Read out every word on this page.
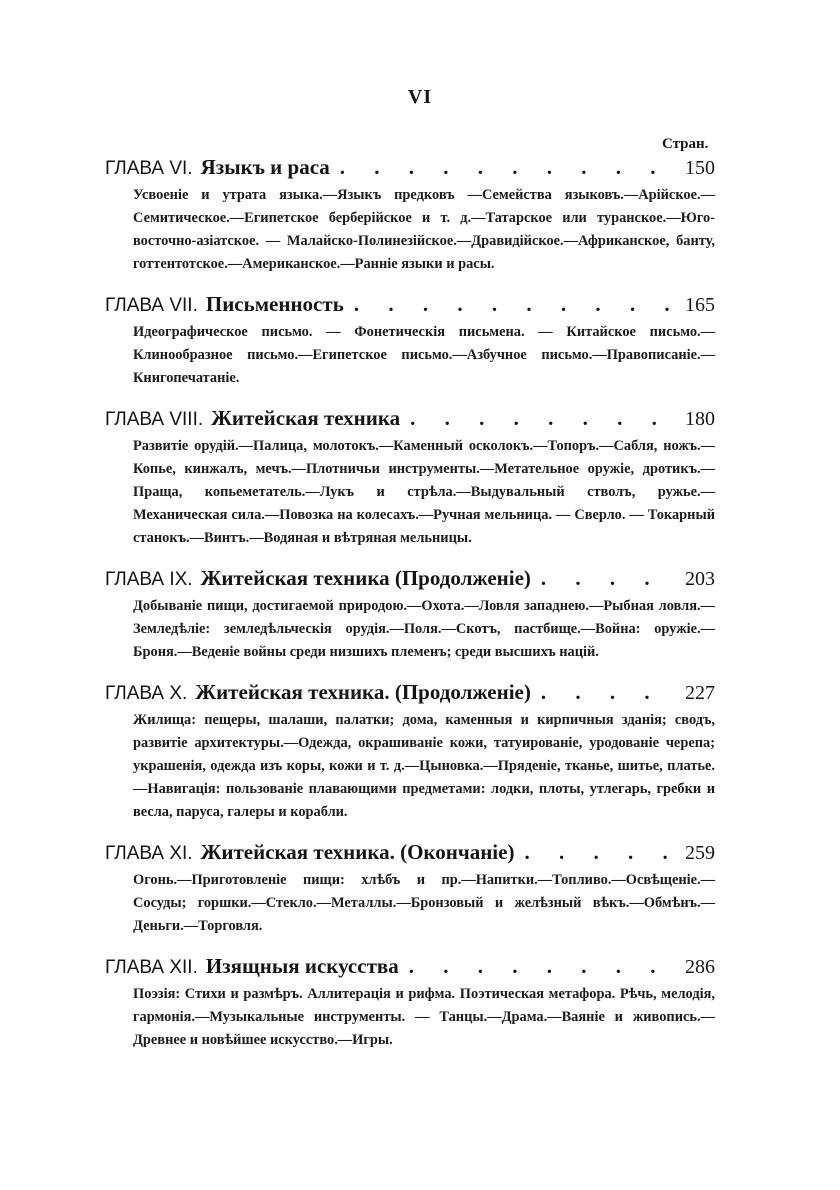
VI
Стран.
ГЛАВА VI. Языкъ и раса . . .	150
Усвоеніе и утрата языка.—Языкъ предковъ —Семейства языковъ.—Арійское.—Семитическое.—Египетское берберійское и т. д.—Татарское или туранское.—Юго-восточно-азіатское. — Малайско-Полинезійское.—Дравидійское.—Африканское, банту, готтентотское.—Американское.—Ранніе языки и расы.
ГЛАВА VII. Письменность . . .	165
Идеографическое письмо. — Фонетическія письмена. — Китайское письмо.—Клинообразное письмо.—Египетское письмо.—Азбучное письмо.—Правописаніе.—Книгопечатаніе.
ГЛАВА VIII. Житейская техника . . .	180
Развитіе орудій.—Палица, молотокъ.—Каменный осколокъ.—Топоръ.—Сабля, ножъ.—Копье, кинжалъ, мечъ.—Плотничьи инструменты.—Метательное оружіе, дротикъ.—Праща, копьеметатель.—Лукъ и стрѣла.—Выдувальный стволъ, ружье.—Механическая сила.—Повозка на колесахъ.—Ручная мельница. — Сверло. — Токарный станокъ.—Винтъ.—Водяная и вѣтряная мельницы.
ГЛАВА IX. Житейская техника (Продолженіе) . . .	203
Добываніе пищи, достигаемой природою.—Охота.—Ловля западнею.—Рыбная ловля.—Земледѣліе: земледѣльческія орудія.—Поля.—Скотъ, пастбище.—Война: оружіе.—Броня.—Веденіе войны среди низшихъ племенъ; среди высшихъ націй.
ГЛАВА X. Житейская техника. (Продолженіе) . . .	227
Жилища: пещеры, шалаши, палатки; дома, каменныя и кирпичныя зданія; сводъ, развитіе архитектуры.—Одежда, окрашиваніе кожи, татуированіе, уродованіе черепа; украшенія, одежда изъ коры, кожи и т. д.—Цыновка.—Пряденіе, тканье, шитье, платье.—Навигація: пользованіе плавающими предметами: лодки, плоты, утлегарь, гребки и весла, паруса, галеры и корабли.
ГЛАВА XI. Житейская техника. (Окончаніе) . . .	259
Огонь.—Приготовленіе пищи: хлѣбъ и пр.—Напитки.—Топливо.—Освѣщеніе.—Сосуды; горшки.—Стекло.—Металлы.—Бронзовый и желѣзный вѣкъ.—Обмѣнъ.—Деньги.—Торговля.
ГЛАВА XII. Изящныя искусства . . .	286
Поэзія: Стихи и размѣръ. Аллитерація и рифма. Поэтическая метафора. Рѣчь, мелодія, гармонія.—Музыкальные инструменты. — Танцы.—Драма.—Ваяніе и живопись.—Древнее и новѣйшее искусство.—Игры.
